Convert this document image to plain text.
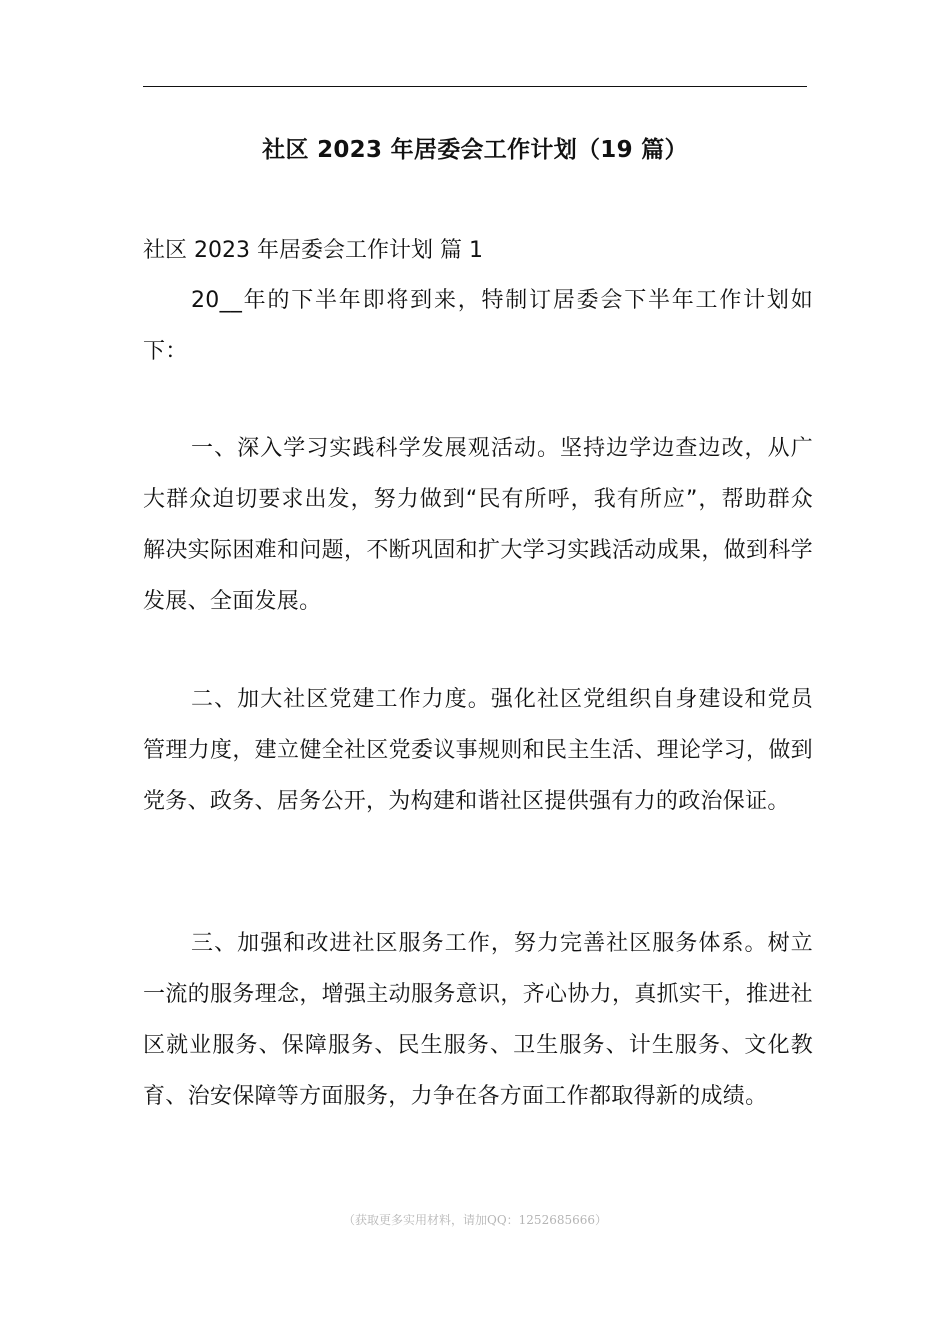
社区 2023 年居委会工作计划（19 篇）
社区 2023 年居委会工作计划 篇 1

20__年的下半年即将到来，特制订居委会下半年工作计划如下：

一、深入学习实践科学发展观活动。坚持边学边查边改，从广大群众迫切要求出发，努力做到“民有所呼，我有所应”，帮助群众解决实际困难和问题，不断巩固和扩大学习实践活动成果，做到科学发展、全面发展。

二、加大社区党建工作力度。强化社区党组织自身建设和党员管理力度，建立健全社区党委议事规则和民主生活、理论学习，做到党务、政务、居务公开，为构建和谐社区提供强有力的政治保证。

三、加强和改进社区服务工作，努力完善社区服务体系。树立一流的服务理念，增强主动服务意识，齐心协力，真抓实干，推进社区就业服务、保障服务、民生服务、卫生服务、计生服务、文化教育、治安保障等方面服务，力争在各方面工作都取得新的成绩。

（获取更多实用材料，请加QQ：1252685666）
